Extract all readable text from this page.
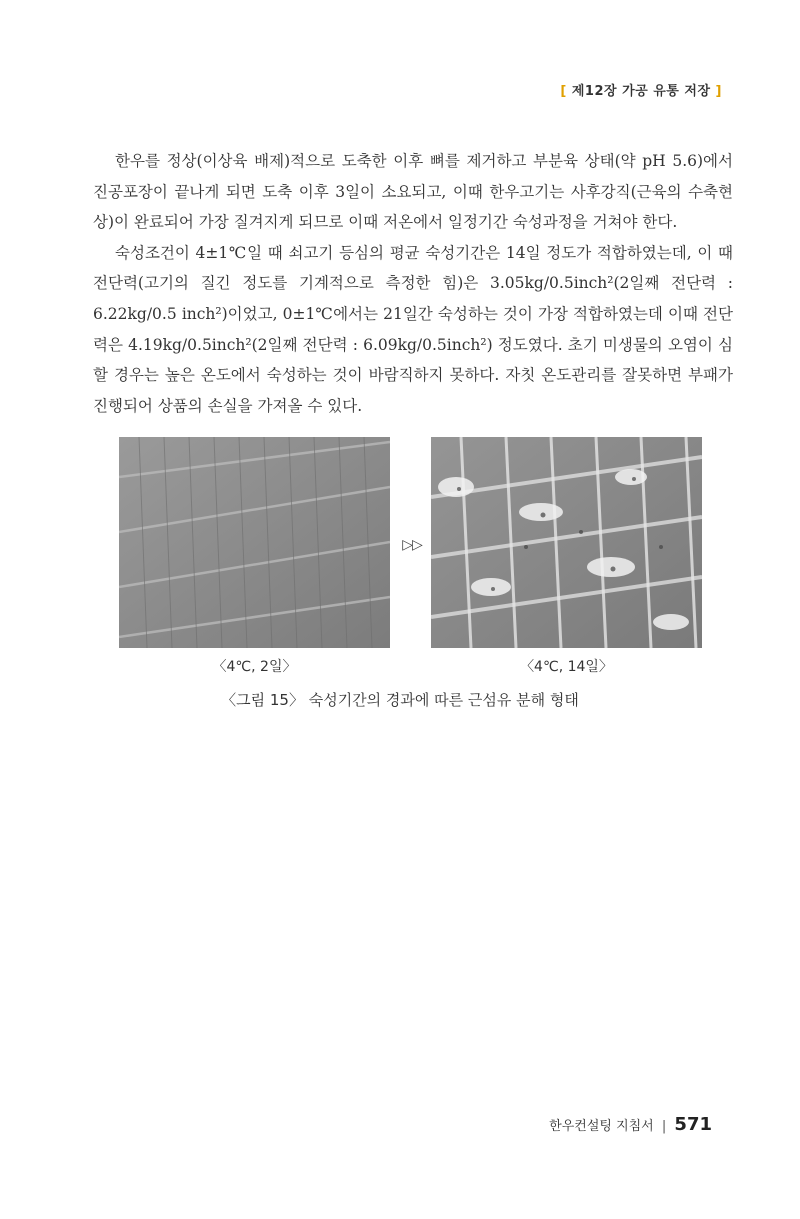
[ 제12장 가공 유통 저장 ]

한우를 정상(이상육 배제)적으로 도축한 이후 뼈를 제거하고 부분육 상태(약 pH 5.6)에서 진공포장이 끝나게 되면 도축 이후 3일이 소요되고, 이때 한우고기는 사후강직(근육의 수축현상)이 완료되어 가장 질겨지게 되므로 이때 저온에서 일정기간 숙성과정을 거쳐야 한다.

숙성조건이 4±1℃일 때 쇠고기 등심의 평균 숙성기간은 14일 정도가 적합하였는데, 이 때 전단력(고기의 질긴 정도를 기계적으로 측정한 힘)은 3.05kg/0.5inch²(2일째 전단력 : 6.22kg/0.5 inch²)이었고, 0±1℃에서는 21일간 숙성하는 것이 가장 적합하였는데 이때 전단력은 4.19kg/0.5inch²(2일째 전단력 : 6.09kg/0.5inch²) 정도였다. 초기 미생물의 오염이 심할 경우는 높은 온도에서 숙성하는 것이 바람직하지 못하다. 자칫 온도관리를 잘못하면 부패가 진행되어 상품의 손실을 가져올 수 있다.

▷▷
〈4℃, 2일〉	〈4℃, 14일〉
〈그림 15〉 숙성기간의 경과에 따른 근섬유 분해 형태
한우컨설팅 지침서 | 571
